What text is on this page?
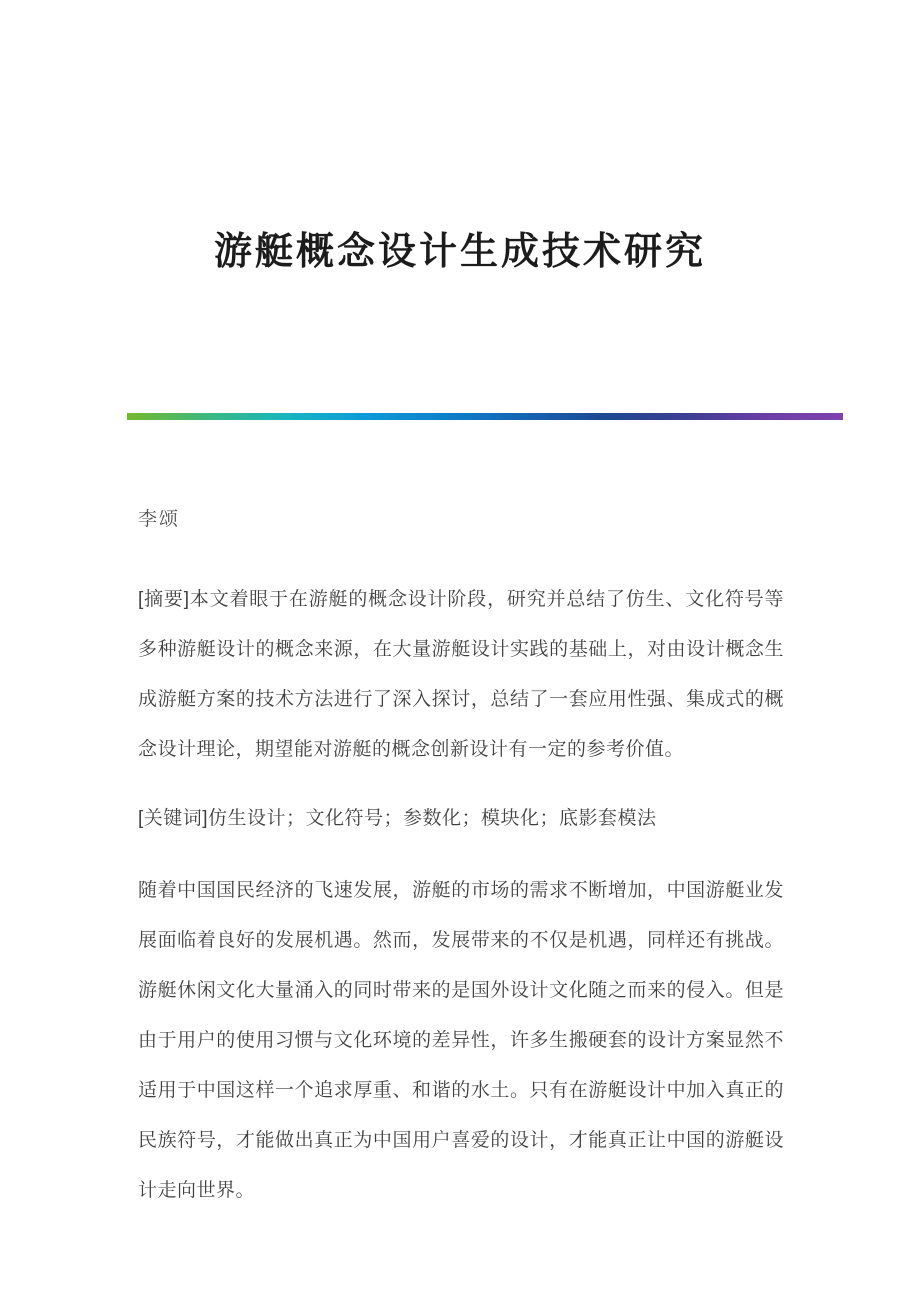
游艇概念设计生成技术研究
李颂

[摘要]本文着眼于在游艇的概念设计阶段，研究并总结了仿生、文化符号等多种游艇设计的概念来源，在大量游艇设计实践的基础上，对由设计概念生成游艇方案的技术方法进行了深入探讨，总结了一套应用性强、集成式的概念设计理论，期望能对游艇的概念创新设计有一定的参考价值。

[关键词]仿生设计；文化符号；参数化；模块化；底影套模法

随着中国国民经济的飞速发展，游艇的市场的需求不断增加，中国游艇业发展面临着良好的发展机遇。然而，发展带来的不仅是机遇，同样还有挑战。游艇休闲文化大量涌入的同时带来的是国外设计文化随之而来的侵入。但是由于用户的使用习惯与文化环境的差异性，许多生搬硬套的设计方案显然不适用于中国这样一个追求厚重、和谐的水土。只有在游艇设计中加入真正的民族符号，才能做出真正为中国用户喜爱的设计，才能真正让中国的游艇设计走向世界。
